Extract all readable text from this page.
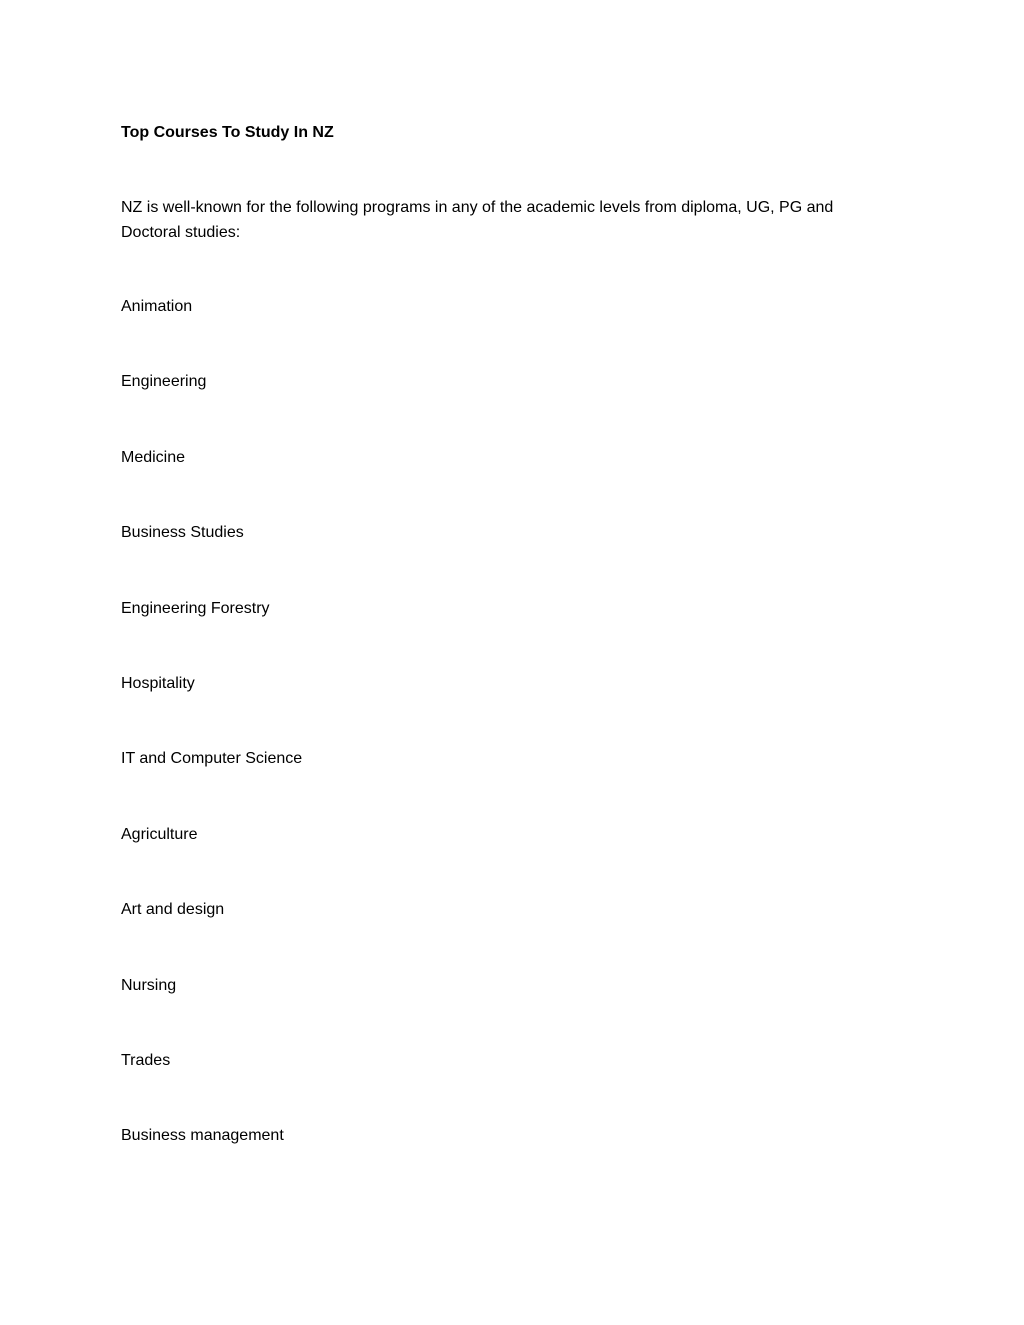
Top Courses To Study In NZ

NZ is well-known for the following programs in any of the academic levels from diploma, UG, PG and Doctoral studies:

Animation
Engineering
Medicine
Business Studies
Engineering Forestry
Hospitality
IT and Computer Science
Agriculture
Art and design
Nursing
Trades
Business management
